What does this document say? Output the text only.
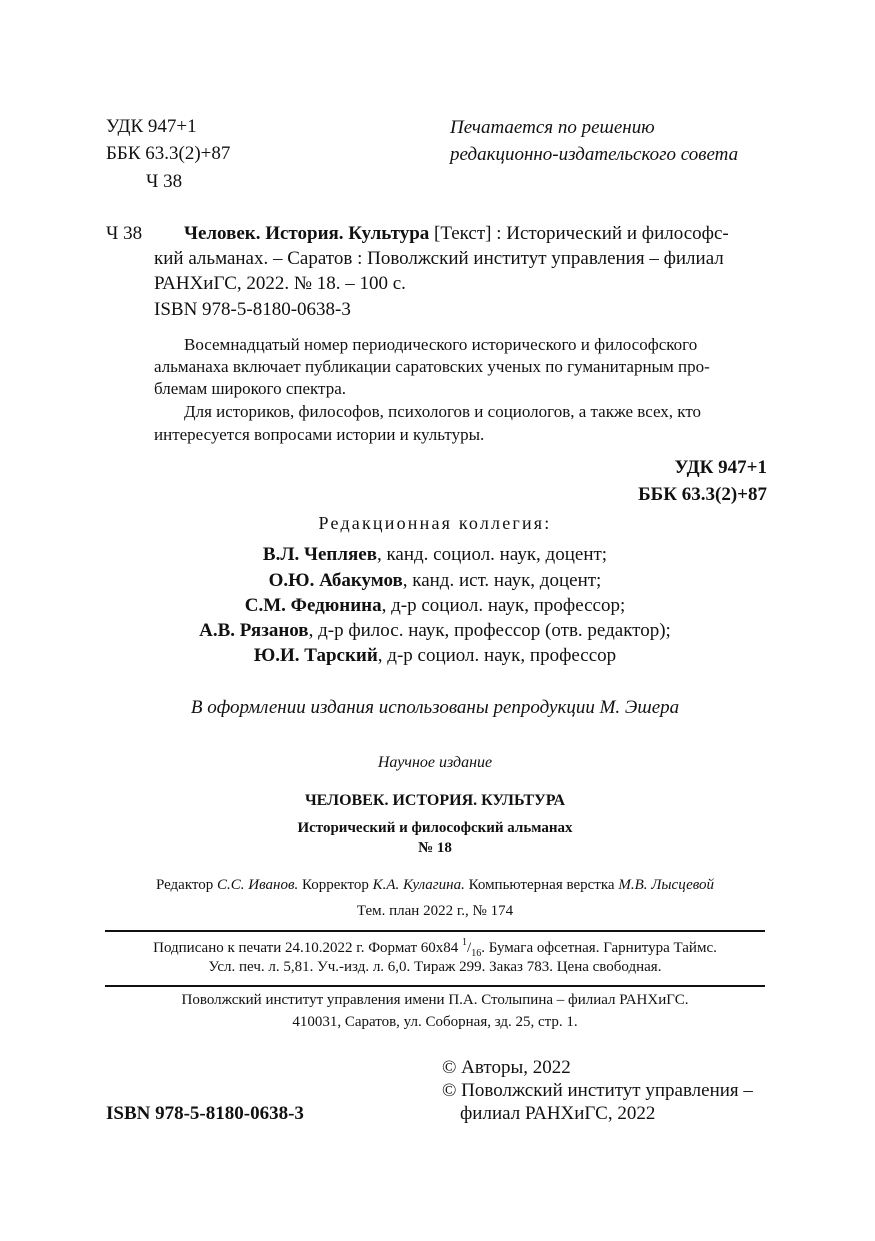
УДК 947+1
ББК 63.3(2)+87
Ч 38
Печатается по решению
редакционно-издательского совета
Ч 38 Человек. История. Культура [Текст] : Исторический и философс-
кий альманах. – Саратов : Поволжский институт управления – филиал
РАНХиГС, 2022. № 18. – 100 с.
ISBN 978-5-8180-0638-3
Восемнадцатый номер периодического исторического и философского
альманаха включает публикации саратовских ученых по гуманитарным про-
блемам широкого спектра.
Для историков, философов, психологов и социологов, а также всех, кто
интересуется вопросами истории и культуры.
УДК 947+1
ББК 63.3(2)+87
Редакционная коллегия:
В.Л. Чепляев, канд. социол. наук, доцент;
О.Ю. Абакумов, канд. ист. наук, доцент;
С.М. Федюнина, д-р социол. наук, профессор;
А.В. Рязанов, д-р филос. наук, профессор (отв. редактор);
Ю.И. Тарский, д-р социол. наук, профессор
В оформлении издания использованы репродукции М. Эшера
Научное издание
ЧЕЛОВЕК. ИСТОРИЯ. КУЛЬТУРА
Исторический и философский альманах
№ 18
Редактор С.С. Иванов. Корректор К.А. Кулагина. Компьютерная верстка М.В. Лысцевой
Тем. план 2022 г., № 174
Подписано к печати 24.10.2022 г. Формат 60х84 $^1/_{16}$. Бумага офсетная. Гарнитура Таймс.
Усл. печ. л. 5,81. Уч.-изд. л. 6,0. Тираж 299. Заказ 783. Цена свободная.
Поволжский институт управления имени П.А. Столыпина – филиал РАНХиГС.
410031, Саратов, ул. Соборная, зд. 25, стр. 1.
ISBN 978-5-8180-0638-3
© Авторы, 2022
© Поволжский институт управления –
филиал РАНХиГС, 2022
